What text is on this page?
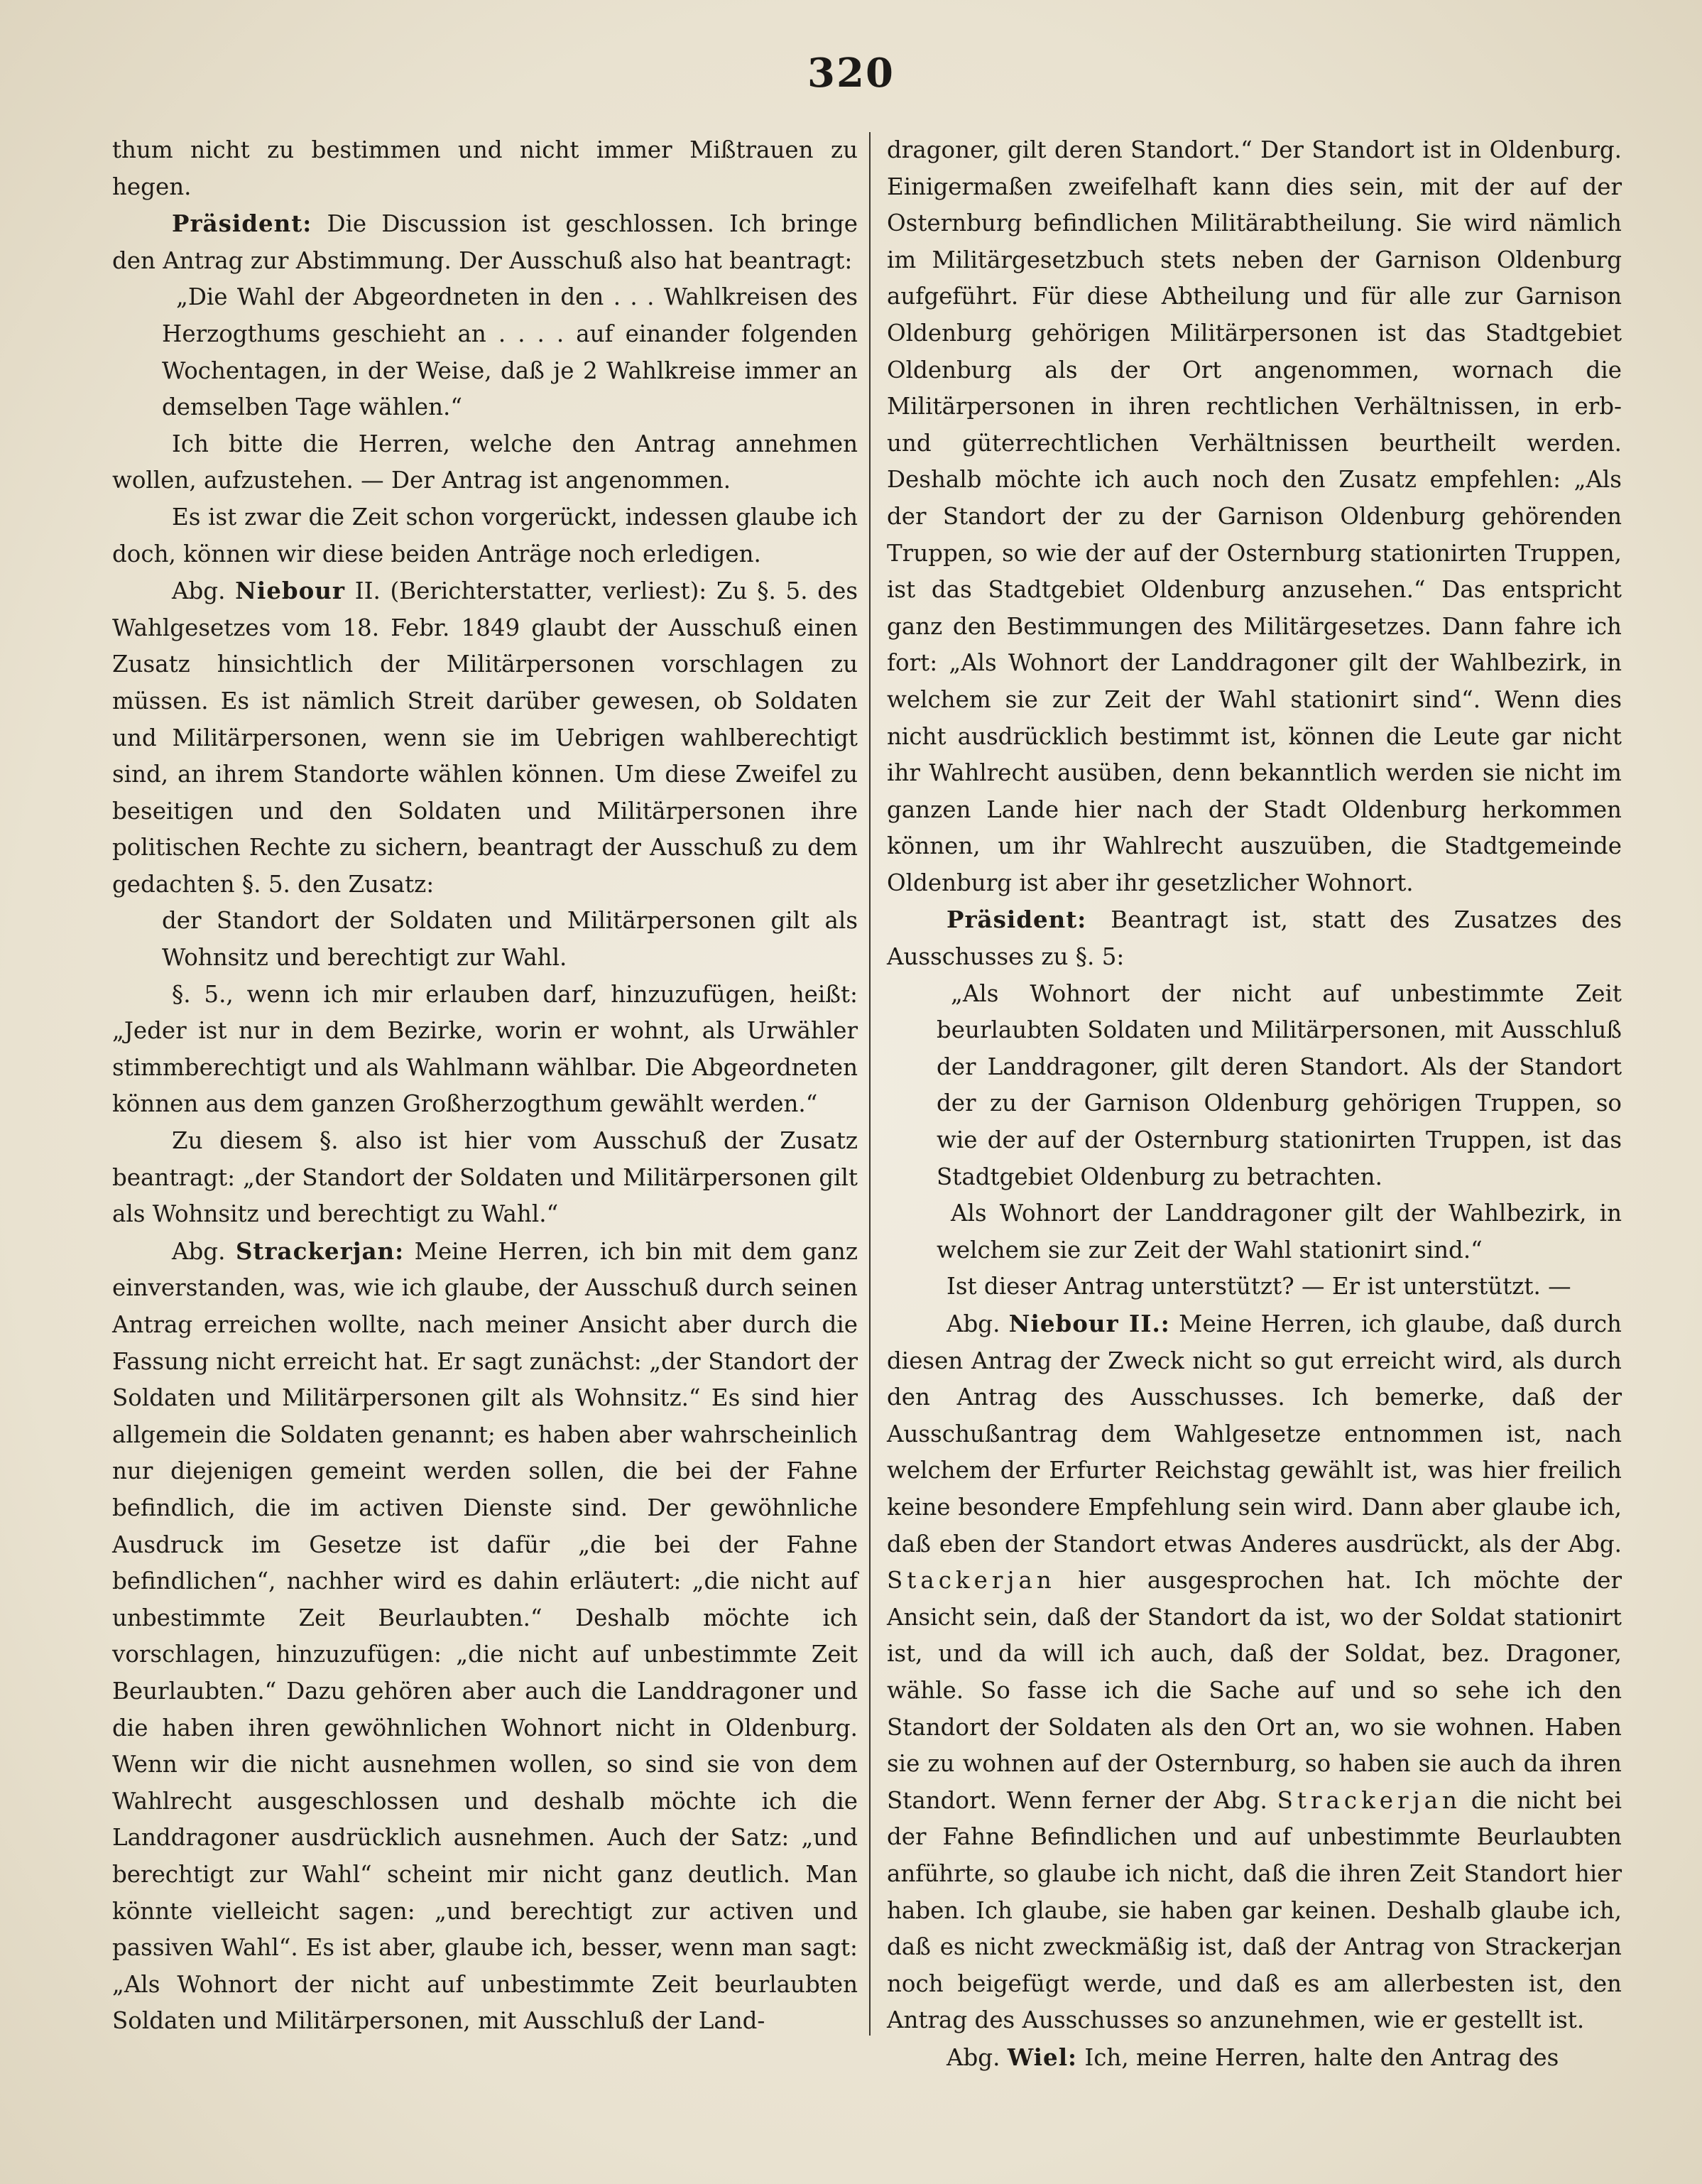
320

thum nicht zu bestimmen und nicht immer Mißtrauen zu hegen.

Präsident: Die Discussion ist geschlossen. Ich bringe den Antrag zur Abstimmung. Der Ausschuß also hat beantragt:

„Die Wahl der Abgeordneten in den . . . Wahlkreisen des Herzogthums geschieht an . . . . auf einander folgenden Wochentagen, in der Weise, daß je 2 Wahlkreise immer an demselben Tage wählen.“

Ich bitte die Herren, welche den Antrag annehmen wollen, aufzustehen. — Der Antrag ist angenommen.

Es ist zwar die Zeit schon vorgerückt, indessen glaube ich doch, können wir diese beiden Anträge noch erledigen.

Abg. Niebour II. (Berichterstatter, verliest): Zu §. 5. des Wahlgesetzes vom 18. Febr. 1849 glaubt der Ausschuß einen Zusatz hinsichtlich der Militärpersonen vorschlagen zu müssen. Es ist nämlich Streit darüber gewesen, ob Soldaten und Militärpersonen, wenn sie im Uebrigen wahlberechtigt sind, an ihrem Standorte wählen können. Um diese Zweifel zu beseitigen und den Soldaten und Militärpersonen ihre politischen Rechte zu sichern, beantragt der Ausschuß zu dem gedachten §. 5. den Zusatz:

der Standort der Soldaten und Militärpersonen gilt als Wohnsitz und berechtigt zur Wahl.

§. 5., wenn ich mir erlauben darf, hinzuzufügen, heißt: „Jeder ist nur in dem Bezirke, worin er wohnt, als Urwähler stimmberechtigt und als Wahlmann wählbar. Die Abgeordneten können aus dem ganzen Großherzogthum gewählt werden.“

Zu diesem §. also ist hier vom Ausschuß der Zusatz beantragt: „der Standort der Soldaten und Militärpersonen gilt als Wohnsitz und berechtigt zu Wahl.“

Abg. Strackerjan: Meine Herren, ich bin mit dem ganz einverstanden, was, wie ich glaube, der Ausschuß durch seinen Antrag erreichen wollte, nach meiner Ansicht aber durch die Fassung nicht erreicht hat. Er sagt zunächst: „der Standort der Soldaten und Militärpersonen gilt als Wohnsitz.“ Es sind hier allgemein die Soldaten genannt; es haben aber wahrscheinlich nur diejenigen gemeint werden sollen, die bei der Fahne befindlich, die im activen Dienste sind. Der gewöhnliche Ausdruck im Gesetze ist dafür „die bei der Fahne befindlichen“, nachher wird es dahin erläutert: „die nicht auf unbestimmte Zeit Beurlaubten.“ Deshalb möchte ich vorschlagen, hinzuzufügen: „die nicht auf unbestimmte Zeit Beurlaubten.“ Dazu gehören aber auch die Landdragoner und die haben ihren gewöhnlichen Wohnort nicht in Oldenburg. Wenn wir die nicht ausnehmen wollen, so sind sie von dem Wahlrecht ausgeschlossen und deshalb möchte ich die Landdragoner ausdrücklich ausnehmen. Auch der Satz: „und berechtigt zur Wahl“ scheint mir nicht ganz deutlich. Man könnte vielleicht sagen: „und berechtigt zur activen und passiven Wahl“. Es ist aber, glaube ich, besser, wenn man sagt: „Als Wohnort der nicht auf unbestimmte Zeit beurlaubten Soldaten und Militärpersonen, mit Ausschluß der Land-

dragoner, gilt deren Standort.“ Der Standort ist in Oldenburg. Einigermaßen zweifelhaft kann dies sein, mit der auf der Osternburg befindlichen Militärabtheilung. Sie wird nämlich im Militärgesetzbuch stets neben der Garnison Oldenburg aufgeführt. Für diese Abtheilung und für alle zur Garnison Oldenburg gehörigen Militärpersonen ist das Stadtgebiet Oldenburg als der Ort angenommen, wornach die Militärpersonen in ihren rechtlichen Verhältnissen, in erb- und güterrechtlichen Verhältnissen beurtheilt werden. Deshalb möchte ich auch noch den Zusatz empfehlen: „Als der Standort der zu der Garnison Oldenburg gehörenden Truppen, so wie der auf der Osternburg stationirten Truppen, ist das Stadtgebiet Oldenburg anzusehen.“ Das entspricht ganz den Bestimmungen des Militärgesetzes. Dann fahre ich fort: „Als Wohnort der Landdragoner gilt der Wahlbezirk, in welchem sie zur Zeit der Wahl stationirt sind“. Wenn dies nicht ausdrücklich bestimmt ist, können die Leute gar nicht ihr Wahlrecht ausüben, denn bekanntlich werden sie nicht im ganzen Lande hier nach der Stadt Oldenburg herkommen können, um ihr Wahlrecht auszuüben, die Stadtgemeinde Oldenburg ist aber ihr gesetzlicher Wohnort.

Präsident: Beantragt ist, statt des Zusatzes des Ausschusses zu §. 5:

„Als Wohnort der nicht auf unbestimmte Zeit beurlaubten Soldaten und Militärpersonen, mit Ausschluß der Landdragoner, gilt deren Standort. Als der Standort der zu der Garnison Oldenburg gehörigen Truppen, so wie der auf der Osternburg stationirten Truppen, ist das Stadtgebiet Oldenburg zu betrachten.

Als Wohnort der Landdragoner gilt der Wahlbezirk, in welchem sie zur Zeit der Wahl stationirt sind.“

Ist dieser Antrag unterstützt? — Er ist unterstützt. —

Abg. Niebour II.: Meine Herren, ich glaube, daß durch diesen Antrag der Zweck nicht so gut erreicht wird, als durch den Antrag des Ausschusses. Ich bemerke, daß der Ausschußantrag dem Wahlgesetze entnommen ist, nach welchem der Erfurter Reichstag gewählt ist, was hier freilich keine besondere Empfehlung sein wird. Dann aber glaube ich, daß eben der Standort etwas Anderes ausdrückt, als der Abg. Stackerjan hier ausgesprochen hat. Ich möchte der Ansicht sein, daß der Standort da ist, wo der Soldat stationirt ist, und da will ich auch, daß der Soldat, bez. Dragoner, wähle. So fasse ich die Sache auf und so sehe ich den Standort der Soldaten als den Ort an, wo sie wohnen. Haben sie zu wohnen auf der Osternburg, so haben sie auch da ihren Standort. Wenn ferner der Abg. Strackerjan die nicht bei der Fahne Befindlichen und auf unbestimmte Beurlaubten anführte, so glaube ich nicht, daß die ihren Zeit Standort hier haben. Ich glaube, sie haben gar keinen. Deshalb glaube ich, daß es nicht zweckmäßig ist, daß der Antrag von Strackerjan noch beigefügt werde, und daß es am allerbesten ist, den Antrag des Ausschusses so anzunehmen, wie er gestellt ist.

Abg. Wiel: Ich, meine Herren, halte den Antrag des
